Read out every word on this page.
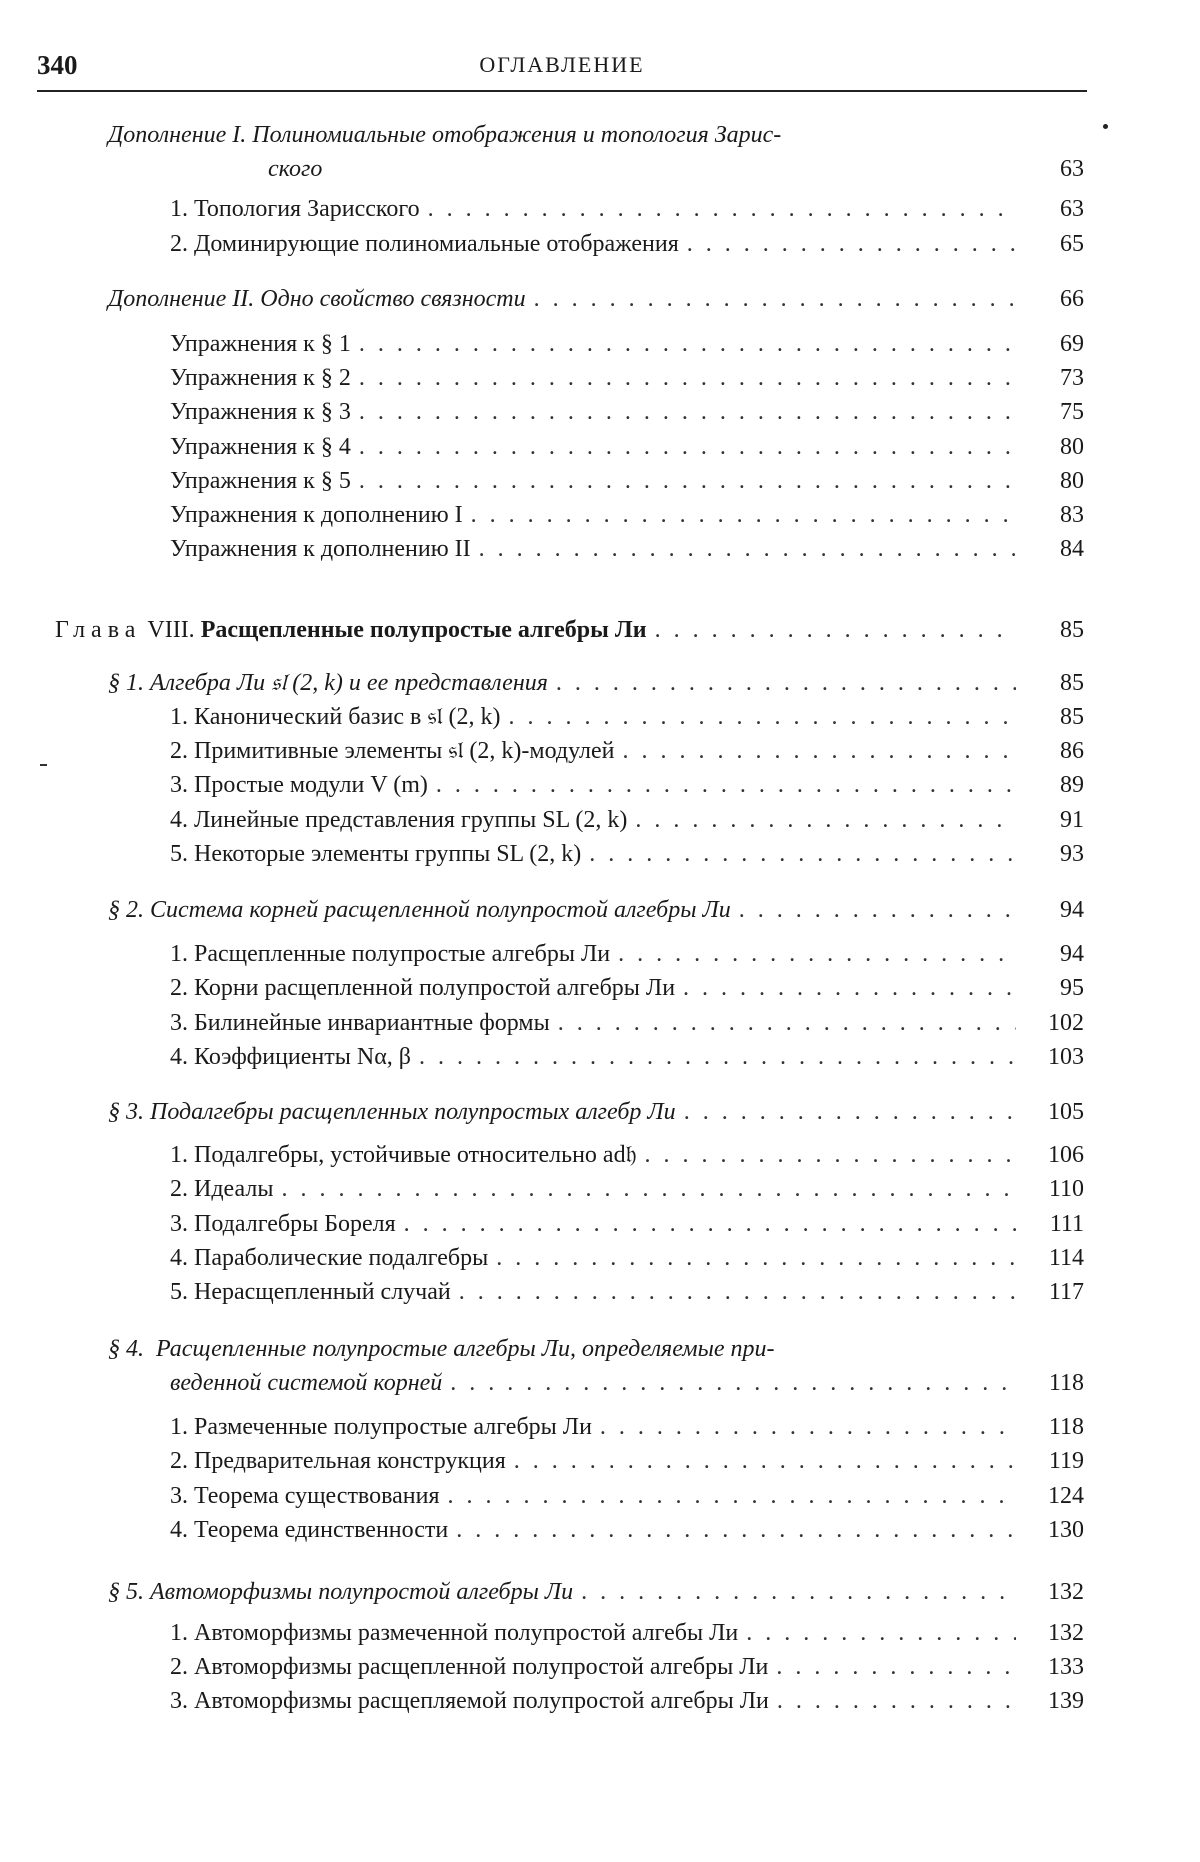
340	ОГЛАВЛЕНИЕ
Дополнение I. Полиномиальные отображения и топология Зарис-
ского	63
1. Топология Зарисского . . .	63
2. Доминирующие полиномиальные отображения . . .	65
Дополнение II. Одно свойство связности . . .	66
Упражнения к § 1 . . .	69
Упражнения к § 2 . . .	73
Упражнения к § 3 . . .	75
Упражнения к § 4 . . .	80
Упражнения к § 5 . . .	80
Упражнения к дополнению I . . .	83
Упражнения к дополнению II . . .	84
Глава VIII. Расщепленные полупростые алгебры Ли . . .	85
§ 1. Алгебра Ли 𝔰𝔩 (2, k) и ее представления . . .	85
1. Канонический базис в 𝔰𝔩 (2, k) . . .	85
2. Примитивные элементы 𝔰𝔩 (2, k)-модулей . . .	86
3. Простые модули V (m) . . .	89
4. Линейные представления группы SL (2, k) . . .	91
5. Некоторые элементы группы SL (2, k) . . .	93
§ 2. Система корней расщепленной полупростой алгебры Ли . . .	94
1. Расщепленные полупростые алгебры Ли . . .	94
2. Корни расщепленной полупростой алгебры Ли . . .	95
3. Билинейные инвариантные формы . . .	102
4. Коэффициенты Nα, β . . .	103
§ 3. Подалгебры расщепленных полупростых алгебр Ли . . .	105
1. Подалгебры, устойчивые относительно ad𝔥 . . .	106
2. Идеалы . . .	110
3. Подалгебры Бореля . . .	111
4. Параболические подалгебры . . .	114
5. Нерасщепленный случай . . .	117
§ 4. Расщепленные полупростые алгебры Ли, определяемые при-
веденной системой корней . . .	118
1. Размеченные полупростые алгебры Ли . . .	118
2. Предварительная конструкция . . .	119
3. Теорема существования . . .	124
4. Теорема единственности . . .	130
§ 5. Автоморфизмы полупростой алгебры Ли . . .	132
1. Автоморфизмы размеченной полупростой алгебы Ли . . .	132
2. Автоморфизмы расщепленной полупростой алгебры Ли . . .	133
3. Автоморфизмы расщепляемой полупростой алгебры Ли . . .	139
